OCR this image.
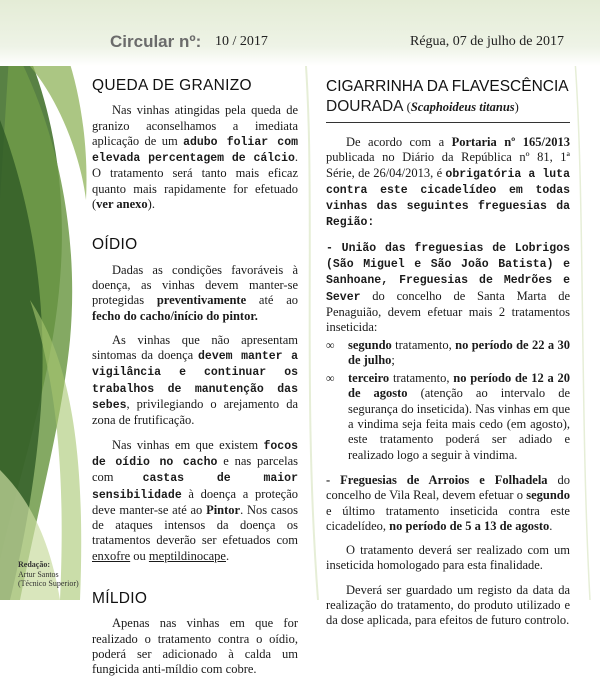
Circular nº: 10 / 2017	Régua, 07 de julho de 2017
QUEDA DE GRANIZO

Nas vinhas atingidas pela queda de granizo aconselhamos a imediata aplicação de um adubo foliar com elevada percentagem de cálcio. O tratamento será tanto mais eficaz quanto mais rapidamente for efetuado (ver anexo).

OÍDIO

Dadas as condições favoráveis à doença, as vinhas devem manter-se protegidas preventivamente até ao fecho do cacho/início do pintor.

As vinhas que não apresentam sintomas da doença devem manter a vigilância e continuar os trabalhos de manutenção das sebes, privilegiando o arejamento da zona de frutificação.

Nas vinhas em que existem focos de oídio no cacho e nas parcelas com castas de maior sensibilidade à doença a proteção deve manter-se até ao Pintor. Nos casos de ataques intensos da doença os tratamentos deverão ser efetuados com enxofre ou meptildinocape.

MÍLDIO

Apenas nas vinhas em que for realizado o tratamento contra o oídio, poderá ser adicionado à calda um fungicida anti-míldio com cobre.

CIGARRINHA DA FLAVESCÊNCIA
DOURADA (Scaphoideus titanus)

De acordo com a Portaria nº 165/2013 publicada no Diário da República nº 81, 1ª Série, de 26/04/2013, é obrigatória a luta contra este cicadelídeo em todas vinhas das seguintes freguesias da Região:

- União das freguesias de Lobrigos (São Miguel e São João Batista) e Sanhoane, Freguesias de Medrões e Sever do concelho de Santa Marta de Penaguião, devem efetuar mais 2 tratamentos inseticida:

∞	segundo tratamento, no período de 22 a 30 de julho;
∞	terceiro tratamento, no período de 12 a 20 de agosto (atenção ao intervalo de segurança do inseticida). Nas vinhas em que a vindima seja feita mais cedo (em agosto), este tratamento poderá ser adiado e realizado logo a seguir à vindima.

- Freguesias de Arroios e Folhadela do concelho de Vila Real, devem efetuar o segundo e último tratamento inseticida contra este cicadelídeo, no período de 5 a 13 de agosto.

O tratamento deverá ser realizado com um inseticida homologado para esta finalidade.

Deverá ser guardado um registo da data da realização do tratamento, do produto utilizado e da dose aplicada, para efeitos de futuro controlo.

Redação:
Artur Santos
(Técnico Superior)
